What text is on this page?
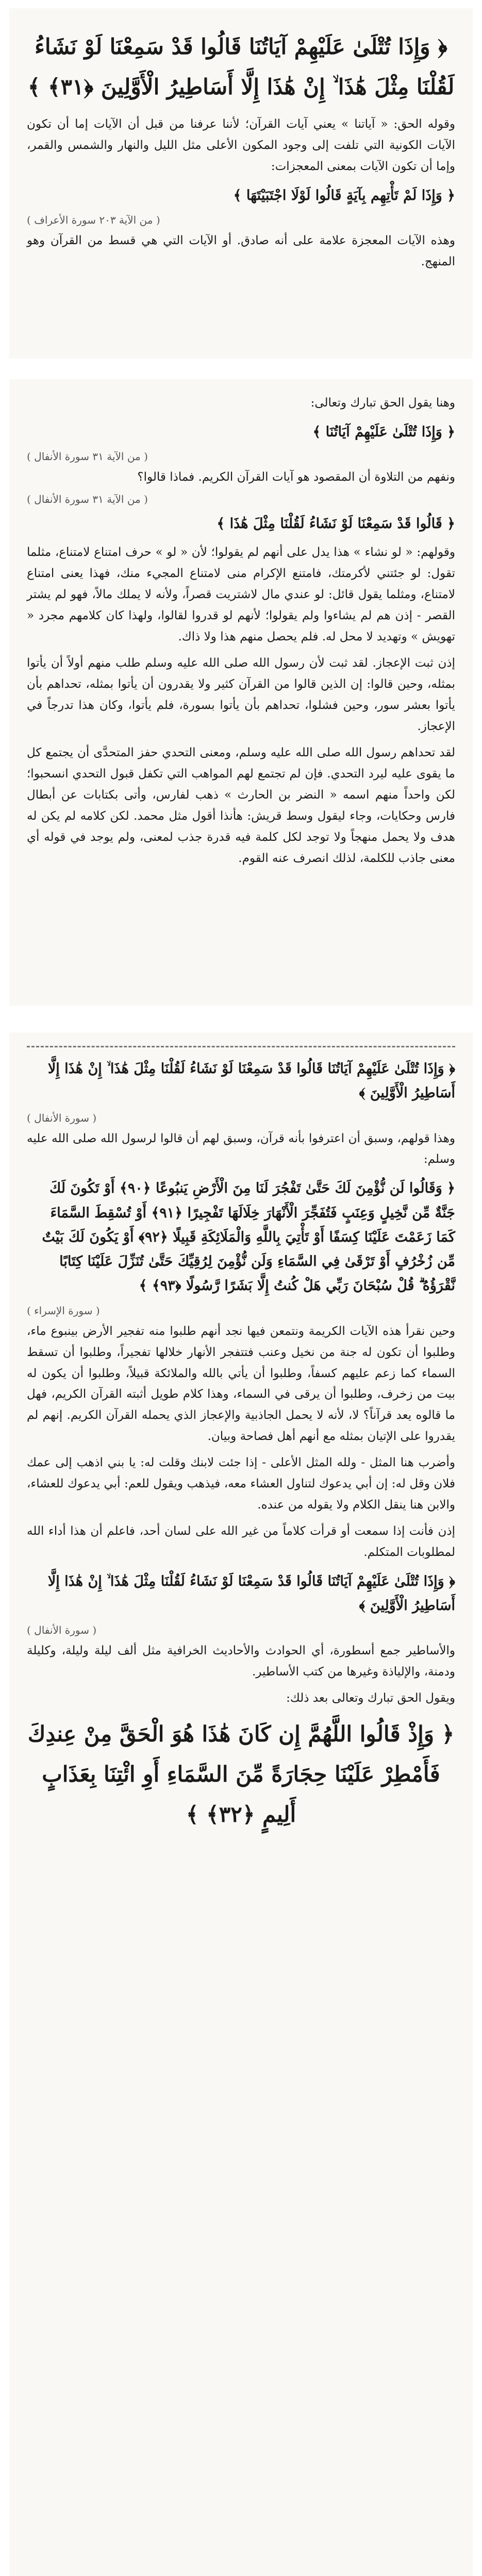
﴿ وَإِذَا تُتْلَىٰ عَلَيْهِمْ آيَاتُنَا قَالُوا قَدْ سَمِعْنَا لَوْ نَشَاءُ لَقُلْنَا مِثْلَ هَٰذَا ۙ إِنْ هَٰذَا إِلَّا أَسَاطِيرُ الْأَوَّلِينَ ﴿٣١﴾ ﴾

وقوله الحق: « آياتنا » يعني آيات القرآن؛ لأننا عرفنا من قبل أن الآيات إما أن تكون الآيات الكونية التي تلفت إلى وجود المكون الأعلى مثل الليل والنهار والشمس والقمر، وإما أن تكون الآيات بمعنى المعجزات:

﴿ وَإِذَا لَمْ تَأْتِهِم بِآيَةٍ قَالُوا لَوْلَا اجْتَبَيْتَهَا ﴾
( من الآية ٢٠٣ سورة الأعراف )

وهذه الآيات المعجزة علامة على أنه صادق. أو الآيات التي هي قسط من القرآن وهو المنهج.

وهنا يقول الحق تبارك وتعالى:

﴿ وَإِذَا تُتْلَىٰ عَلَيْهِمْ آيَاتُنَا ﴾
( من الآية ٣١ سورة الأنفال )

ونفهم من التلاوة أن المقصود هو آيات القرآن الكريم. فماذا قالوا؟

( من الآية ٣١ سورة الأنفال )
﴿ قَالُوا قَدْ سَمِعْنَا لَوْ نَشَاءُ لَقُلْنَا مِثْلَ هَٰذَا ﴾

وقولهم: « لو نشاء » هذا يدل على أنهم لم يقولوا؛ لأن « لو » حرف امتناع لامتناع، مثلما تقول: لو جئتني لأكرمتك، فامتنع الإكرام منى لامتناع المجيء منك، فهذا يعنى امتناع لامتناع، ومثلما يقول قائل: لو عندي مال لاشتريت قصراً، ولأنه لا يملك مالاً، فهو لم يشتر القصر - إذن هم لم يشاءوا ولم يقولوا؛ لأنهم لو قدروا لقالوا، ولهذا كان كلامهم مجرد « تهويش » وتهديد لا محل له. فلم يحصل منهم هذا ولا ذاك.

إذن ثبت الإعجاز. لقد ثبت لأن رسول الله صلى الله عليه وسلم طلب منهم أولاً أن يأتوا بمثله، وحين قالوا: إن الذين قالوا من القرآن كثير ولا يقدرون أن يأتوا بمثله، تحداهم بأن يأتوا بعشر سور، وحين فشلوا، تحداهم بأن يأتوا بسورة، فلم يأتوا، وكان هذا تدرجاً في الإعجاز.

لقد تحداهم رسول الله صلى الله عليه وسلم، ومعنى التحدي حفز المتحدَّى أن يجتمع كل ما يقوى عليه ليرد التحدي. فإن لم تجتمع لهم المواهب التي تكفل قبول التحدي انسحبوا؛ لكن واحداً منهم اسمه « النضر بن الحارث » ذهب لفارس، وأتى بكتابات عن أبطال فارس وحكايات، وجاء ليقول وسط قريش: هأنذا أقول مثل محمد. لكن كلامه لم يكن له هدف ولا يحمل منهجاً ولا توجد لكل كلمة فيه قدرة جذب لمعنى، ولم يوجد في قوله أي معنى جاذب للكلمة، لذلك انصرف عنه القوم.

﴿ وَإِذَا تُتْلَىٰ عَلَيْهِمْ آيَاتُنَا قَالُوا قَدْ سَمِعْنَا لَوْ نَشَاءُ لَقُلْنَا مِثْلَ هَٰذَا ۙ إِنْ هَٰذَا إِلَّا أَسَاطِيرُ الْأَوَّلِينَ ﴾
( سورة الأنفال )

وهذا قولهم، وسبق أن اعترفوا بأنه قرآن، وسبق لهم أن قالوا لرسول الله صلى الله عليه وسلم:

﴿ وَقَالُوا لَن نُّؤْمِنَ لَكَ حَتَّىٰ تَفْجُرَ لَنَا مِنَ الْأَرْضِ يَنبُوعًا ﴿٩٠﴾ أَوْ تَكُونَ لَكَ جَنَّةٌ مِّن نَّخِيلٍ وَعِنَبٍ فَتُفَجِّرَ الْأَنْهَارَ خِلَالَهَا تَفْجِيرًا ﴿٩١﴾ أَوْ تُسْقِطَ السَّمَاءَ كَمَا زَعَمْتَ عَلَيْنَا كِسَفًا أَوْ تَأْتِيَ بِاللَّهِ وَالْمَلَائِكَةِ قَبِيلًا ﴿٩٢﴾ أَوْ يَكُونَ لَكَ بَيْتٌ مِّن زُخْرُفٍ أَوْ تَرْقَىٰ فِي السَّمَاءِ وَلَن نُّؤْمِنَ لِرُقِيِّكَ حَتَّىٰ تُنَزِّلَ عَلَيْنَا كِتَابًا نَّقْرَؤُهُ ۗ قُلْ سُبْحَانَ رَبِّي هَلْ كُنتُ إِلَّا بَشَرًا رَّسُولًا ﴿٩٣﴾ ﴾
( سورة الإسراء )

وحين نقرأ هذه الآيات الكريمة ونتمعن فيها نجد أنهم طلبوا منه تفجير الأرض بينبوع ماء، وطلبوا أن تكون له جنة من نخيل وعنب فتتفجر الأنهار خلالها تفجيراً، وطلبوا أن تسقط السماء كما زعم عليهم كسفاً، وطلبوا أن يأتي بالله والملائكة قبيلاً، وطلبوا أن يكون له بيت من زخرف، وطلبوا أن يرقى في السماء، وهذا كلام طويل أثبته القرآن الكريم، فهل ما قالوه يعد قرآناً؟ لا، لأنه لا يحمل الجاذبية والإعجاز الذي يحمله القرآن الكريم. إنهم لم يقدروا على الإتيان بمثله مع أنهم أهل فصاحة وبيان.

وأضرب هنا المثل - ولله المثل الأعلى - إذا جئت لابنك وقلت له: يا بني اذهب إلى عمك فلان وقل له: إن أبي يدعوك لتناول العشاء معه، فيذهب ويقول للعم: أبي يدعوك للعشاء، والابن هنا ينقل الكلام ولا يقوله من عنده.

إذن فأنت إذا سمعت أو قرأت كلاماً من غير الله على لسان أحد، فاعلم أن هذا أداء الله لمطلوبات المتكلم.

﴿ وَإِذَا تُتْلَىٰ عَلَيْهِمْ آيَاتُنَا قَالُوا قَدْ سَمِعْنَا لَوْ نَشَاءُ لَقُلْنَا مِثْلَ هَٰذَا ۙ إِنْ هَٰذَا إِلَّا أَسَاطِيرُ الْأَوَّلِينَ ﴾
( سورة الأنفال )

والأساطير جمع أسطورة، أي الحوادث والأحاديث الخرافية مثل ألف ليلة وليلة، وكليلة ودمنة، والإلياذة وغيرها من كتب الأساطير.

ويقول الحق تبارك وتعالى بعد ذلك:

﴿ وَإِذْ قَالُوا اللَّهُمَّ إِن كَانَ هَٰذَا هُوَ الْحَقَّ مِنْ عِندِكَ فَأَمْطِرْ عَلَيْنَا حِجَارَةً مِّنَ السَّمَاءِ أَوِ ائْتِنَا بِعَذَابٍ أَلِيمٍ ﴿٣٢﴾ ﴾
